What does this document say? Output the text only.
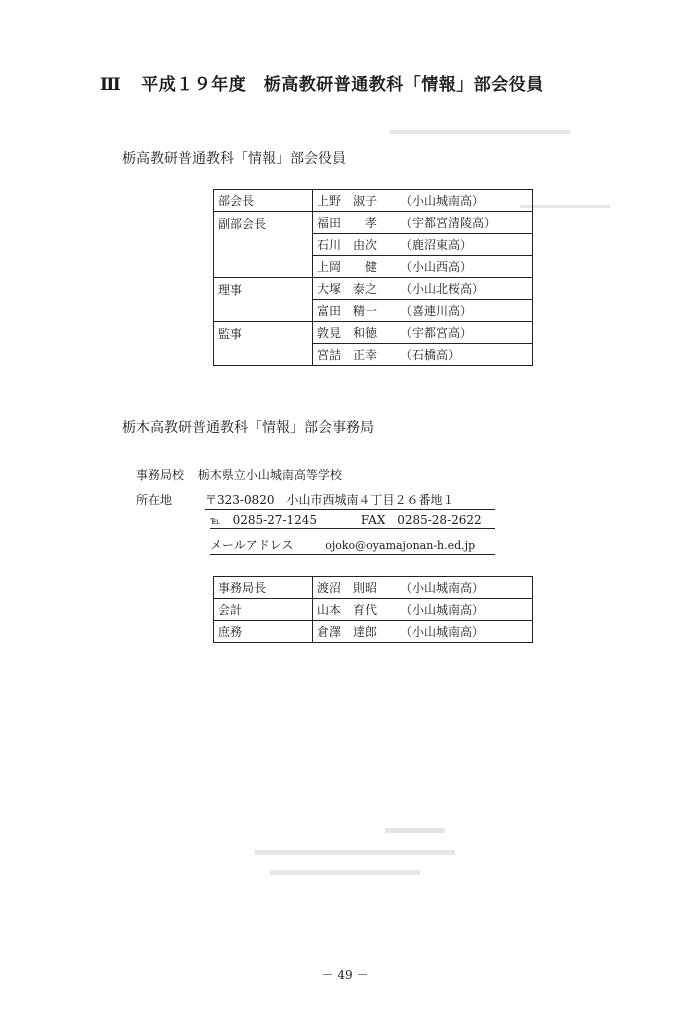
Ⅲ 平成１９年度　栃高教研普通教科「情報」部会役員
栃高教研普通教科「情報」部会役員
部会長	上野　淑子	（小山城南高）
副部会長	福田　　孝	（宇都宮清陵高）
	石川　由次	（鹿沼東高）
	上岡　　健	（小山西高）
理事	大塚　泰之	（小山北桜高）
	富田　精一	（喜連川高）
監事	敦見　和徳	（宇都宮高）
	宮詰　正幸	（石橋高）
栃木高教研普通教科「情報」部会事務局
事務局校 栃木県立小山城南高等学校
所在地	〒323-0820　小山市西城南４丁目２６番地１
℡ 0285-27-1245	FAX 0285-28-2622
メールアドレス	ojoko@oyamajonan-h.ed.jp
事務局長	渡沼　則昭	（小山城南高）
会計	山本　育代	（小山城南高）
庶務	倉澤　達郎	（小山城南高）
－ 49 －
